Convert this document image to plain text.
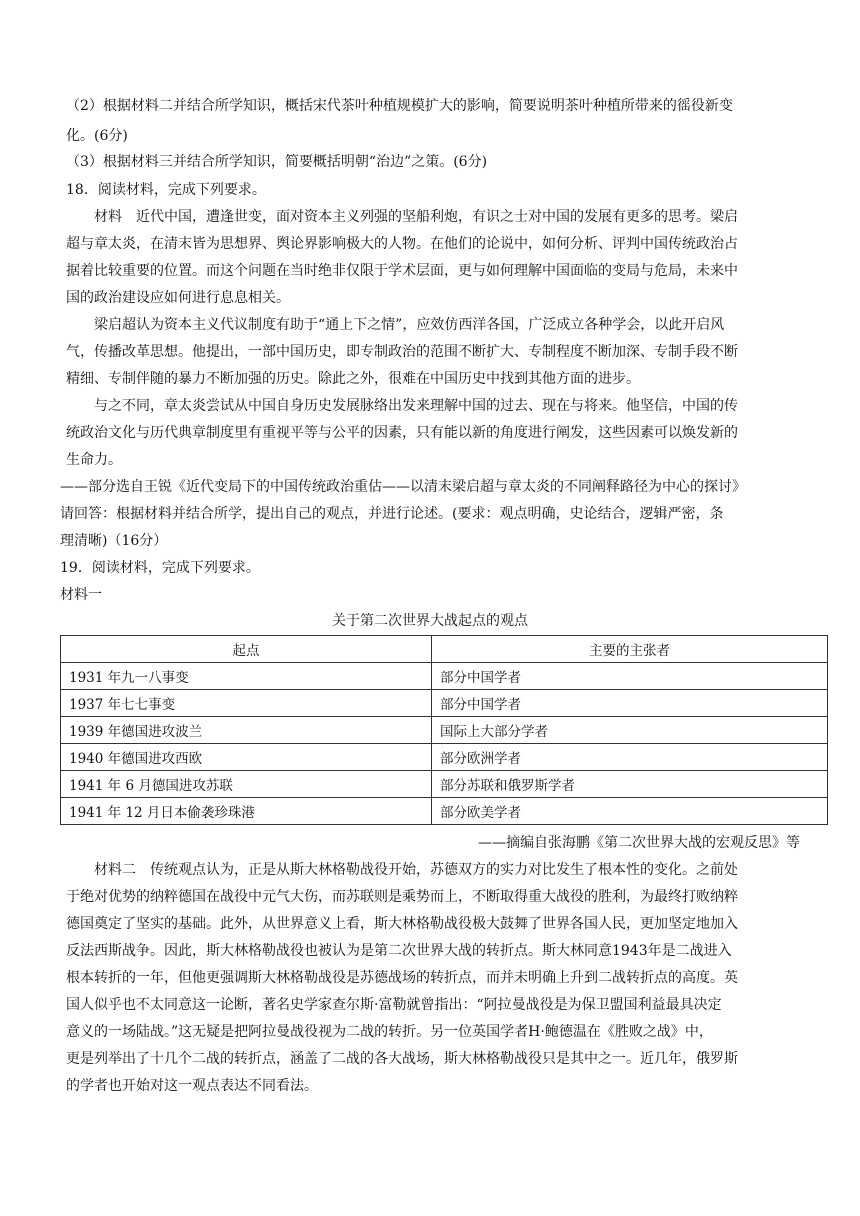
（2）根据材料二并结合所学知识，概括宋代茶叶种植规模扩大的影响，简要说明茶叶种植所带来的徭役新变
化。(6分)
（3）根据材料三并结合所学知识，简要概括明朝“治边”之策。(6分)
18．阅读材料，完成下列要求。
材料　近代中国，遭逢世变，面对资本主义列强的坚船利炮，有识之士对中国的发展有更多的思考。梁启
超与章太炎，在清末皆为思想界、舆论界影响极大的人物。在他们的论说中，如何分析、评判中国传统政治占
据着比较重要的位置。而这个问题在当时绝非仅限于学术层面，更与如何理解中国面临的变局与危局，未来中
国的政治建设应如何进行息息相关。
梁启超认为资本主义代议制度有助于“通上下之情”，应效仿西洋各国，广泛成立各种学会，以此开启风
气，传播改革思想。他提出，一部中国历史，即专制政治的范围不断扩大、专制程度不断加深、专制手段不断
精细、专制伴随的暴力不断加强的历史。除此之外，很难在中国历史中找到其他方面的进步。
与之不同，章太炎尝试从中国自身历史发展脉络出发来理解中国的过去、现在与将来。他坚信，中国的传
统政治文化与历代典章制度里有重视平等与公平的因素，只有能以新的角度进行阐发，这些因素可以焕发新的
生命力。
——部分选自王锐《近代变局下的中国传统政治重估——以清末梁启超与章太炎的不同阐释路径为中心的探讨》
请回答：根据材料并结合所学，提出自己的观点，并进行论述。(要求：观点明确，史论结合，逻辑严密，条
理清晰)（16分）
19．阅读材料，完成下列要求。
材料一
关于第二次世界大战起点的观点
起点	主要的主张者
1931 年九一八事变	部分中国学者
1937 年七七事变	部分中国学者
1939 年德国进攻波兰	国际上大部分学者
1940 年德国进攻西欧	部分欧洲学者
1941 年 6 月德国进攻苏联	部分苏联和俄罗斯学者
1941 年 12 月日本偷袭珍珠港	部分欧美学者
——摘编自张海鹏《第二次世界大战的宏观反思》等
材料二　传统观点认为，正是从斯大林格勒战役开始，苏德双方的实力对比发生了根本性的变化。之前处
于绝对优势的纳粹德国在战役中元气大伤，而苏联则是乘势而上，不断取得重大战役的胜利，为最终打败纳粹
德国奠定了坚实的基础。此外，从世界意义上看，斯大林格勒战役极大鼓舞了世界各国人民，更加坚定地加入
反法西斯战争。因此，斯大林格勒战役也被认为是第二次世界大战的转折点。斯大林同意1943年是二战进入
根本转折的一年，但他更强调斯大林格勒战役是苏德战场的转折点，而并未明确上升到二战转折点的高度。英
国人似乎也不太同意这一论断，著名史学家查尔斯·富勒就曾指出：“阿拉曼战役是为保卫盟国利益最具决定
意义的一场陆战。”这无疑是把阿拉曼战役视为二战的转折。另一位英国学者H·鲍德温在《胜败之战》中，
更是列举出了十几个二战的转折点，涵盖了二战的各大战场，斯大林格勒战役只是其中之一。近几年，俄罗斯
的学者也开始对这一观点表达不同看法。
